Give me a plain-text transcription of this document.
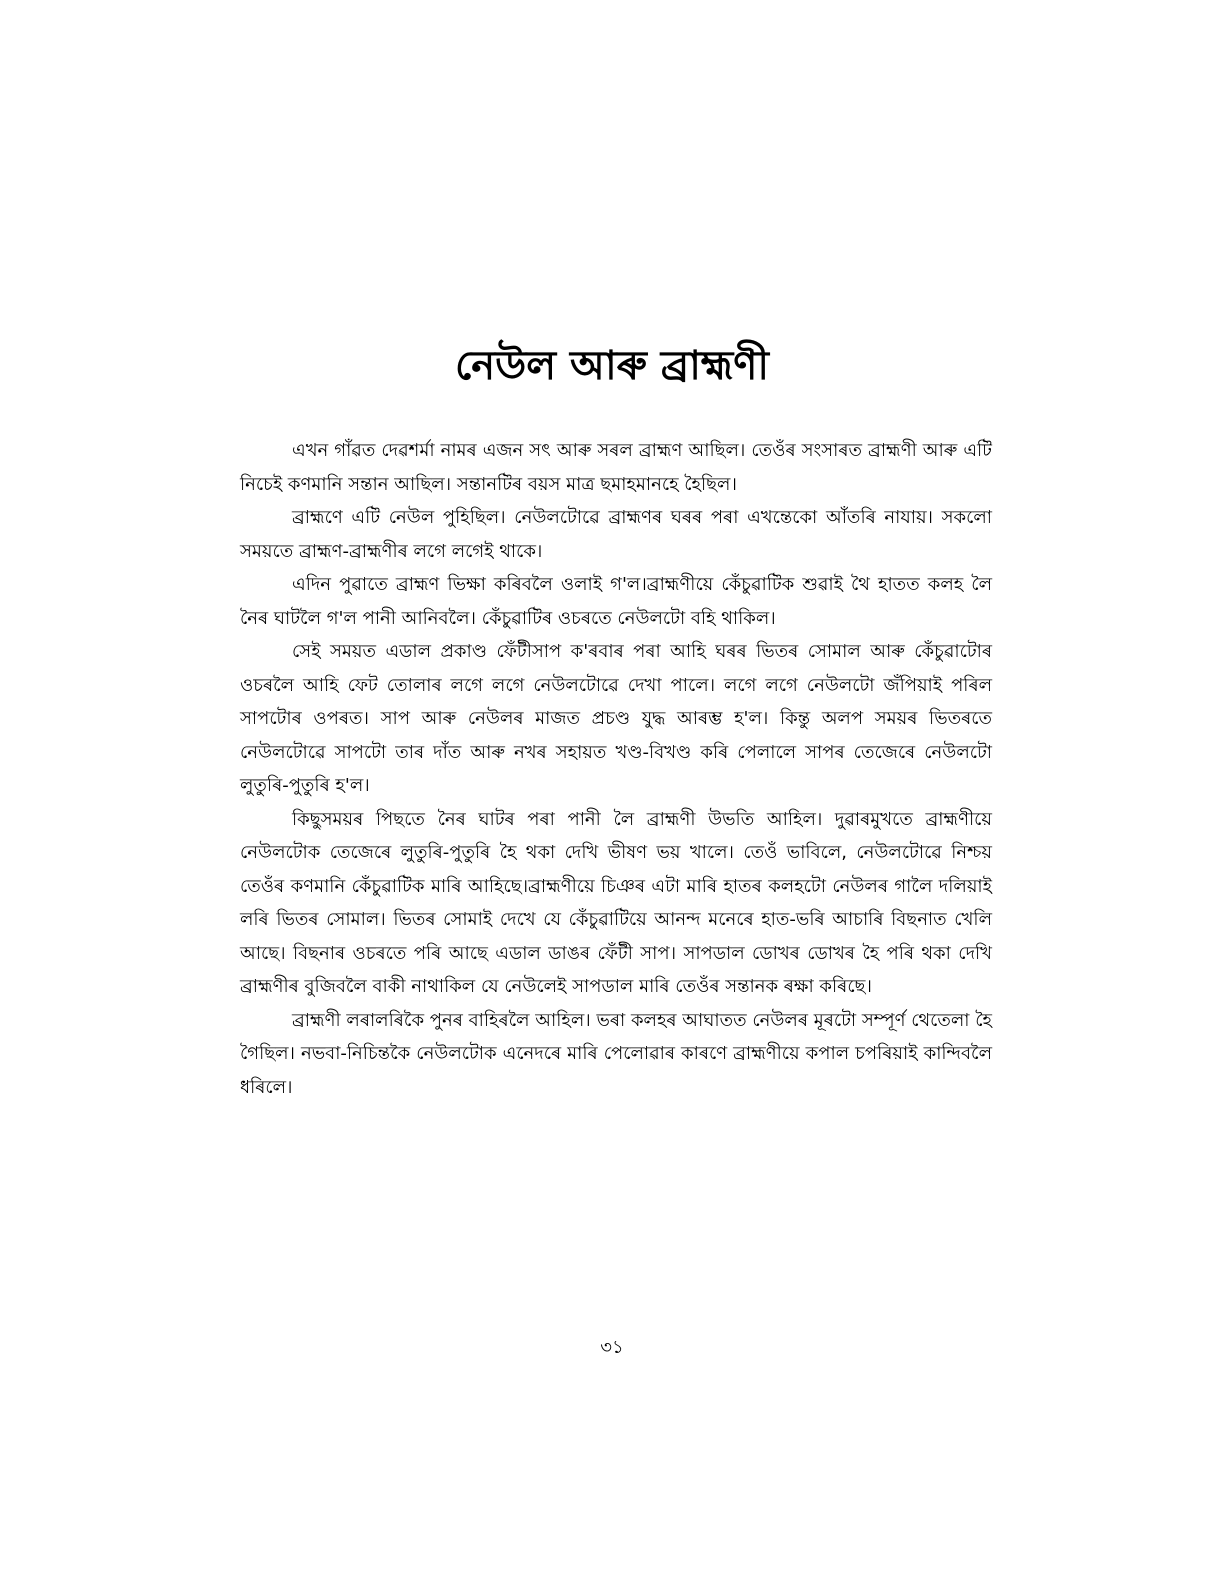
নেউল আৰু ব্ৰাহ্মণী

এখন গাঁৱত দেৱশৰ্মা নামৰ এজন সৎ আৰু সৰল ব্ৰাহ্মণ আছিল। তেওঁৰ সংসাৰত ব্ৰাহ্মণী আৰু এটি নিচেই কণমানি সন্তান আছিল। সন্তানটিৰ বয়স মাত্ৰ ছমাহমানহে হৈছিল।

ব্ৰাহ্মণে এটি নেউল পুহিছিল। নেউলটোৱে ব্ৰাহ্মণৰ ঘৰৰ পৰা এখন্তেকো আঁতৰি নাযায়। সকলো সময়তে ব্ৰাহ্মণ-ব্ৰাহ্মণীৰ লগে লগেই থাকে।

এদিন পুৱাতে ব্ৰাহ্মণ ভিক্ষা কৰিবলৈ ওলাই গ'ল।ব্ৰাহ্মণীয়ে কেঁচুৱাটিক শুৱাই থৈ হাতত কলহ লৈ নৈৰ ঘাটলৈ গ'ল পানী আনিবলৈ। কেঁচুৱাটিৰ ওচৰতে নেউলটো বহি থাকিল।

সেই সময়ত এডাল প্ৰকাণ্ড ফেঁটীসাপ ক'ৰবাৰ পৰা আহি ঘৰৰ ভিতৰ সোমাল আৰু কেঁচুৱাটোৰ ওচৰলৈ আহি ফেট তোলাৰ লগে লগে নেউলটোৱে দেখা পালে। লগে লগে নেউলটো জঁপিয়াই পৰিল সাপটোৰ ওপৰত। সাপ আৰু নেউলৰ মাজত প্ৰচণ্ড যুদ্ধ আৰম্ভ হ'ল। কিন্তু অলপ সময়ৰ ভিতৰতে নেউলটোৱে সাপটো তাৰ দাঁত আৰু নখৰ সহায়ত খণ্ড-বিখণ্ড কৰি পেলালে সাপৰ তেজেৰে নেউলটো লুতুৰি-পুতুৰি হ'ল।

কিছুসময়ৰ পিছতে নৈৰ ঘাটৰ পৰা পানী লৈ ব্ৰাহ্মণী উভতি আহিল। দুৱাৰমুখতে ব্ৰাহ্মণীয়ে নেউলটোক তেজেৰে লুতুৰি-পুতুৰি হৈ থকা দেখি ভীষণ ভয় খালে। তেওঁ ভাবিলে, নেউলটোৱে নিশ্চয় তেওঁৰ কণমানি কেঁচুৱাটিক মাৰি আহিছে।ব্ৰাহ্মণীয়ে চিঞৰ এটা মাৰি হাতৰ কলহটো নেউলৰ গালৈ দলিয়াই লৰি ভিতৰ সোমাল। ভিতৰ সোমাই দেখে যে কেঁচুৱাটিয়ে আনন্দ মনেৰে হাত-ভৰি আচাৰি বিছনাত খেলি আছে। বিছনাৰ ওচৰতে পৰি আছে এডাল ডাঙৰ ফেঁটী সাপ। সাপডাল ডোখৰ ডোখৰ হৈ পৰি থকা দেখি ব্ৰাহ্মণীৰ বুজিবলৈ বাকী নাথাকিল যে নেউলেই সাপডাল মাৰি তেওঁৰ সন্তানক ৰক্ষা কৰিছে।

ব্ৰাহ্মণী লৰালৰিকৈ পুনৰ বাহিৰলৈ আহিল। ভৰা কলহৰ আঘাতত নেউলৰ মূৰটো সম্পূৰ্ণ থেতেলা হৈ গৈছিল। নভবা-নিচিন্তকৈ নেউলটোক এনেদৰে মাৰি পেলোৱাৰ কাৰণে ব্ৰাহ্মণীয়ে কপাল চপৰিয়াই কান্দিবলৈ ধৰিলে।

৩১
